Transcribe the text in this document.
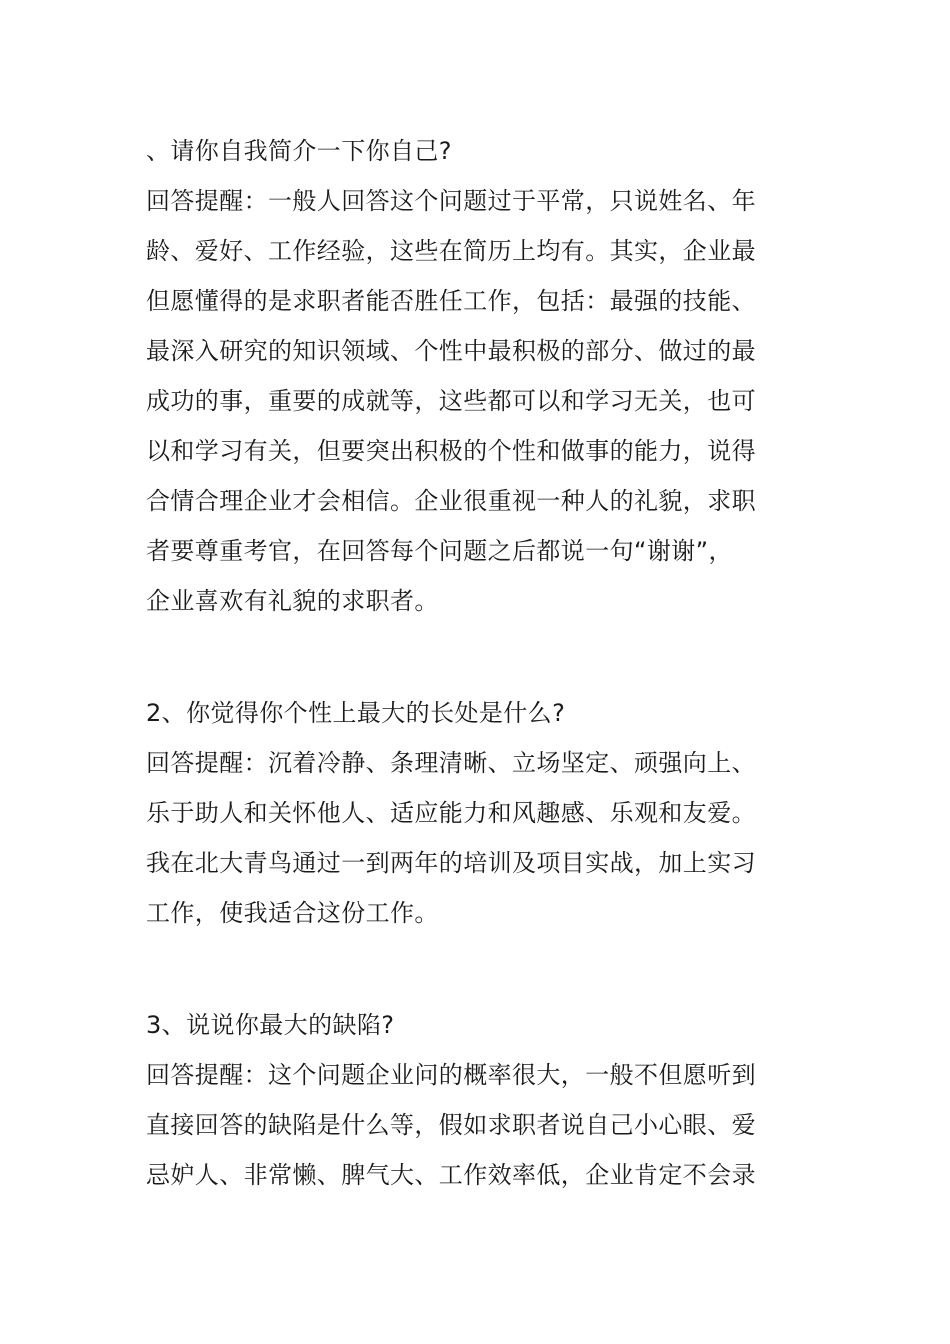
、请你自我简介一下你自己?
回答提醒：一般人回答这个问题过于平常，只说姓名、年
龄、爱好、工作经验，这些在简历上均有。其实，企业最
但愿懂得的是求职者能否胜任工作，包括：最强的技能、
最深入研究的知识领域、个性中最积极的部分、做过的最
成功的事，重要的成就等，这些都可以和学习无关，也可
以和学习有关，但要突出积极的个性和做事的能力，说得
合情合理企业才会相信。企业很重视一种人的礼貌，求职
者要尊重考官，在回答每个问题之后都说一句“谢谢”，
企业喜欢有礼貌的求职者。
2、你觉得你个性上最大的长处是什么?
回答提醒：沉着冷静、条理清晰、立场坚定、顽强向上、
乐于助人和关怀他人、适应能力和风趣感、乐观和友爱。
我在北大青鸟通过一到两年的培训及项目实战，加上实习
工作，使我适合这份工作。
3、说说你最大的缺陷?
回答提醒：这个问题企业问的概率很大，一般不但愿听到
直接回答的缺陷是什么等，假如求职者说自己小心眼、爱
忌妒人、非常懒、脾气大、工作效率低，企业肯定不会录
